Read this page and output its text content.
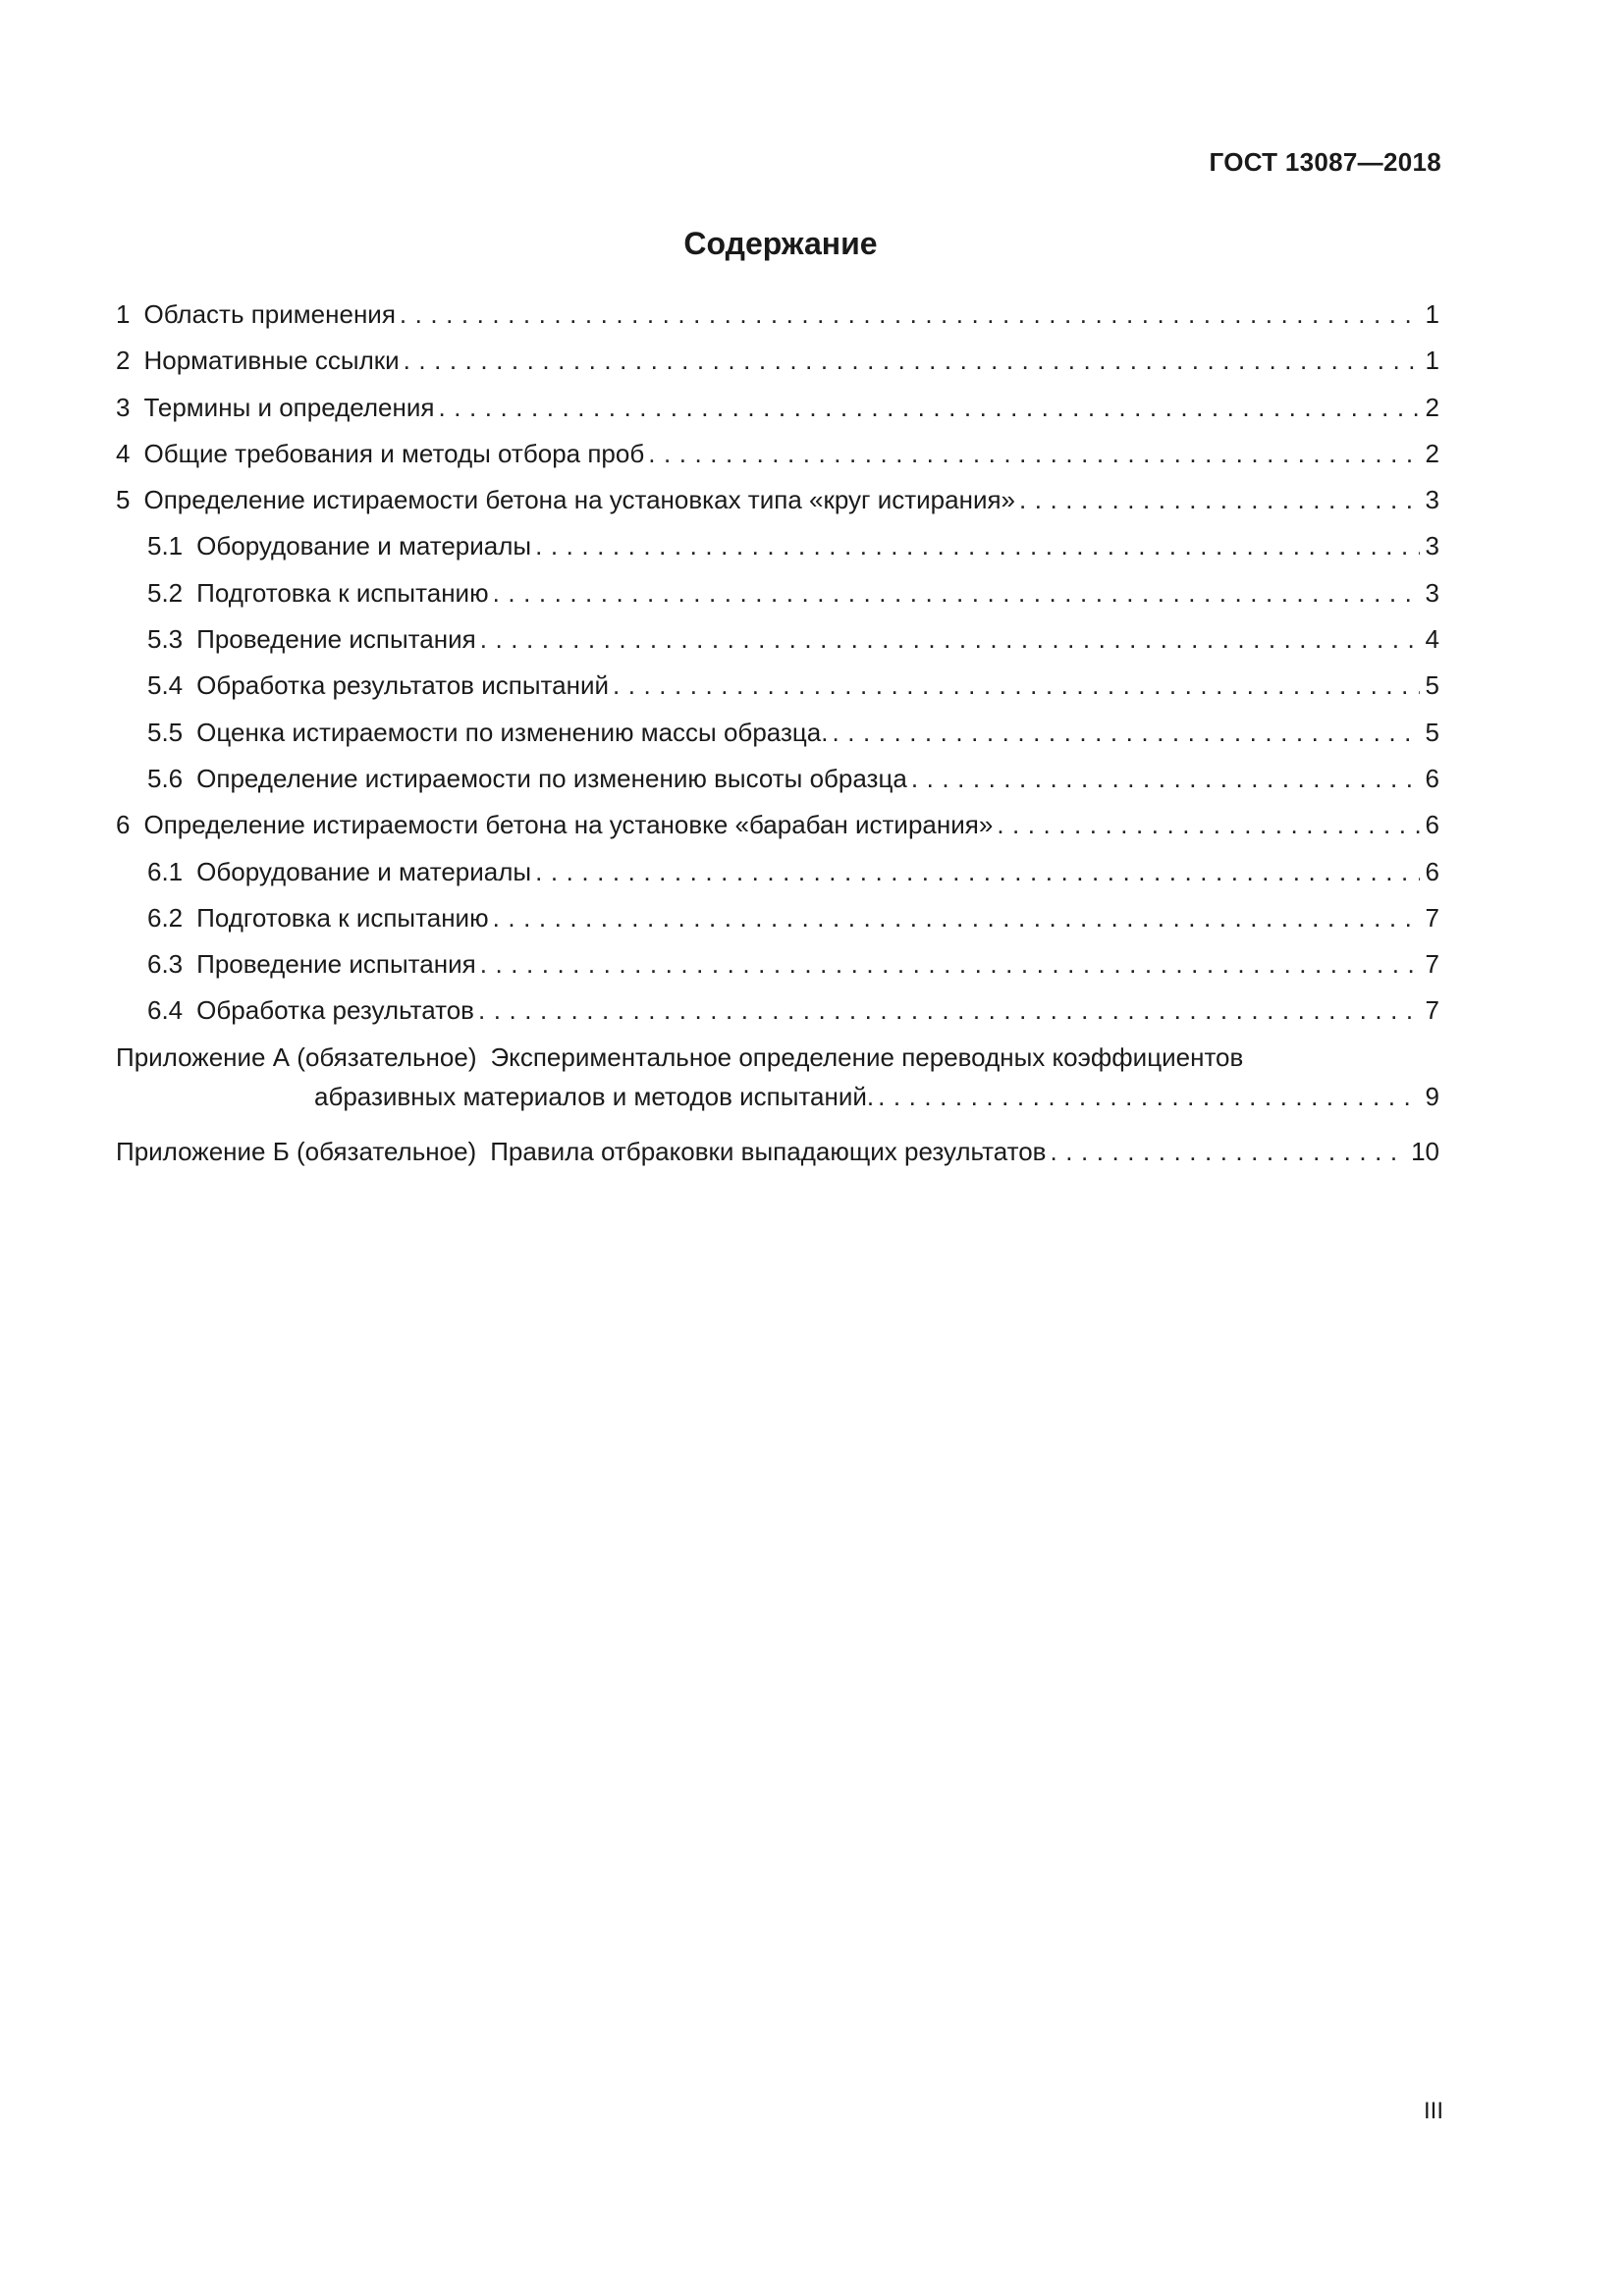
ГОСТ 13087—2018
Содержание
1 Область применения . . .	1
2 Нормативные ссылки . . .	1
3 Термины и определения . . .	2
4 Общие требования и методы отбора проб . . .	2
5 Определение истираемости бетона на установках типа «круг истирания» . . .	3
5.1 Оборудование и материалы . . .	3
5.2 Подготовка к испытанию . . .	3
5.3 Проведение испытания . . .	4
5.4 Обработка результатов испытаний . . .	5
5.5 Оценка истираемости по изменению массы образца. . . .	5
5.6 Определение истираемости по изменению высоты образца . . .	6
6 Определение истираемости бетона на установке «барабан истирания» . . .	6
6.1 Оборудование и материалы . . .	6
6.2 Подготовка к испытанию . . .	7
6.3 Проведение испытания . . .	7
6.4 Обработка результатов . . .	7
Приложение А (обязательное) Экспериментальное определение переводных коэффициентов
абразивных материалов и методов испытаний. . . .	9
Приложение Б (обязательное) Правила отбраковки выпадающих результатов . . .	10
III
